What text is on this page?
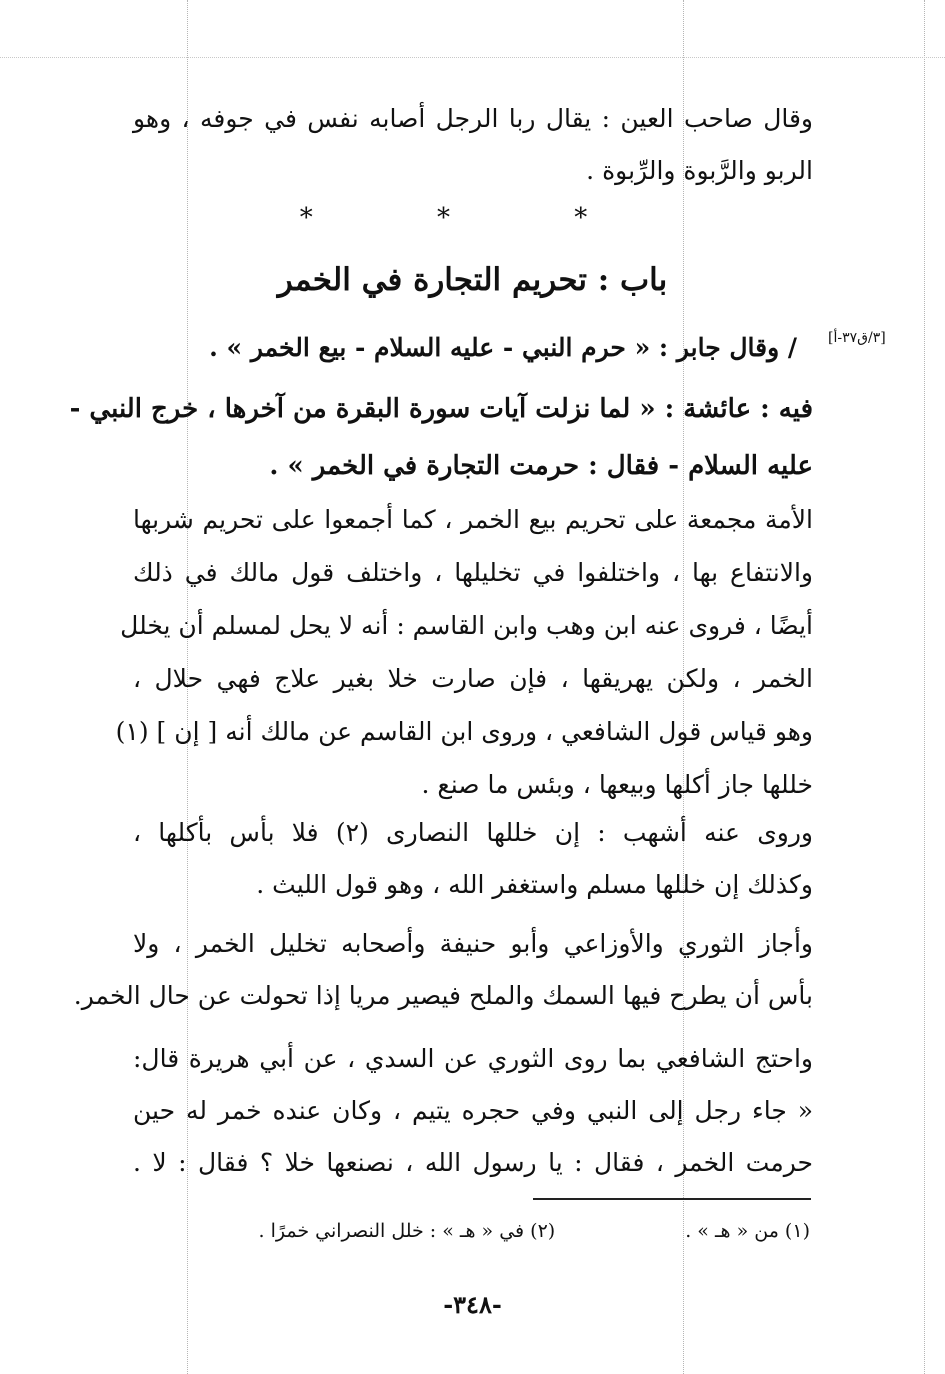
وقال صاحب العين : يقال ربا الرجل أصابه نفس في جوفه ، وهو
الربو والرَّبوة والرِّبوة .
* * *
باب : تحريم التجارة في الخمر
[٣/ق٣٧-أ]
/ وقال جابر : « حرم النبي - عليه السلام - بيع الخمر » .
فيه : عائشة : « لما نزلت آيات سورة البقرة من آخرها ، خرج النبي -
عليه السلام - فقال : حرمت التجارة في الخمر » .
الأمة مجمعة على تحريم بيع الخمر ، كما أجمعوا على تحريم شربها
والانتفاع بها ، واختلفوا في تخليلها ، واختلف قول مالك في ذلك
أيضًا ، فروى عنه ابن وهب وابن القاسم : أنه لا يحل لمسلم أن يخلل
الخمر ، ولكن يهريقها ، فإن صارت خلا بغير علاج فهي حلال ،
وهو قياس قول الشافعي ، وروى ابن القاسم عن مالك أنه [ إن ] (١)
خللها جاز أكلها وبيعها ، وبئس ما صنع .
وروى عنه أشهب : إن خللها النصارى (٢) فلا بأس بأكلها ،
وكذلك إن خللها مسلم واستغفر الله ، وهو قول الليث .
وأجاز الثوري والأوزاعي وأبو حنيفة وأصحابه تخليل الخمر ، ولا
بأس أن يطرح فيها السمك والملح فيصير مريا إذا تحولت عن حال الخمر.
واحتج الشافعي بما روى الثوري عن السدي ، عن أبي هريرة قال:
« جاء رجل إلى النبي وفي حجره يتيم ، وكان عنده خمر له حين
حرمت الخمر ، فقال : يا رسول الله ، نصنعها خلا ؟ فقال : لا .
(١) من « هـ » .
(٢) في « هـ » : خلل النصراني خمرًا .
-٣٤٨-
